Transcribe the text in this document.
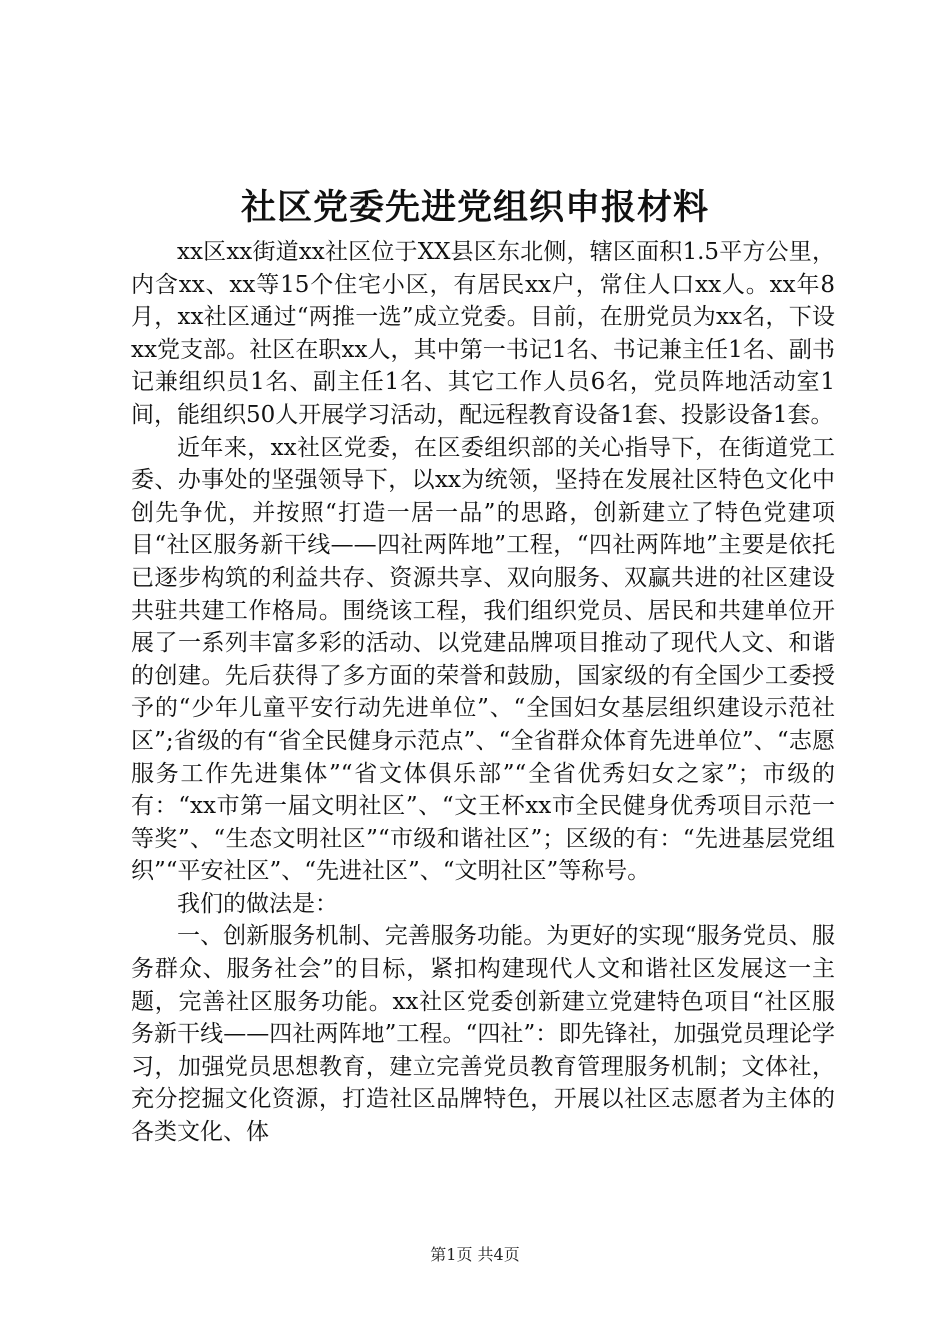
社区党委先进党组织申报材料

xx区xx街道xx社区位于XX县区东北侧，辖区面积1.5平方公里，内含xx、xx等15个住宅小区，有居民xx户，常住人口xx人。xx年8月，xx社区通过“两推一选”成立党委。目前，在册党员为xx名，下设xx党支部。社区在职xx人，其中第一书记1名、书记兼主任1名、副书记兼组织员1名、副主任1名、其它工作人员6名，党员阵地活动室1间，能组织50人开展学习活动，配远程教育设备1套、投影设备1套。

近年来，xx社区党委，在区委组织部的关心指导下，在街道党工委、办事处的坚强领导下，以xx为统领，坚持在发展社区特色文化中创先争优，并按照“打造一居一品”的思路，创新建立了特色党建项目“社区服务新干线——四社两阵地”工程，“四社两阵地”主要是依托已逐步构筑的利益共存、资源共享、双向服务、双赢共进的社区建设共驻共建工作格局。围绕该工程，我们组织党员、居民和共建单位开展了一系列丰富多彩的活动、以党建品牌项目推动了现代人文、和谐的创建。先后获得了多方面的荣誉和鼓励，国家级的有全国少工委授予的“少年儿童平安行动先进单位”、“全国妇女基层组织建设示范社区”;省级的有“省全民健身示范点”、“全省群众体育先进单位”、“志愿服务工作先进集体”“省文体俱乐部”“全省优秀妇女之家”；市级的有：“xx市第一届文明社区”、“文王杯xx市全民健身优秀项目示范一等奖”、“生态文明社区”“市级和谐社区”；区级的有：“先进基层党组织”“平安社区”、“先进社区”、“文明社区”等称号。

我们的做法是：

一、创新服务机制、完善服务功能。为更好的实现“服务党员、服务群众、服务社会”的目标，紧扣构建现代人文和谐社区发展这一主题，完善社区服务功能。xx社区党委创新建立党建特色项目“社区服务新干线——四社两阵地”工程。“四社”：即先锋社，加强党员理论学习，加强党员思想教育，建立完善党员教育管理服务机制；文体社，充分挖掘文化资源，打造社区品牌特色，开展以社区志愿者为主体的各类文化、体

第1页 共4页
